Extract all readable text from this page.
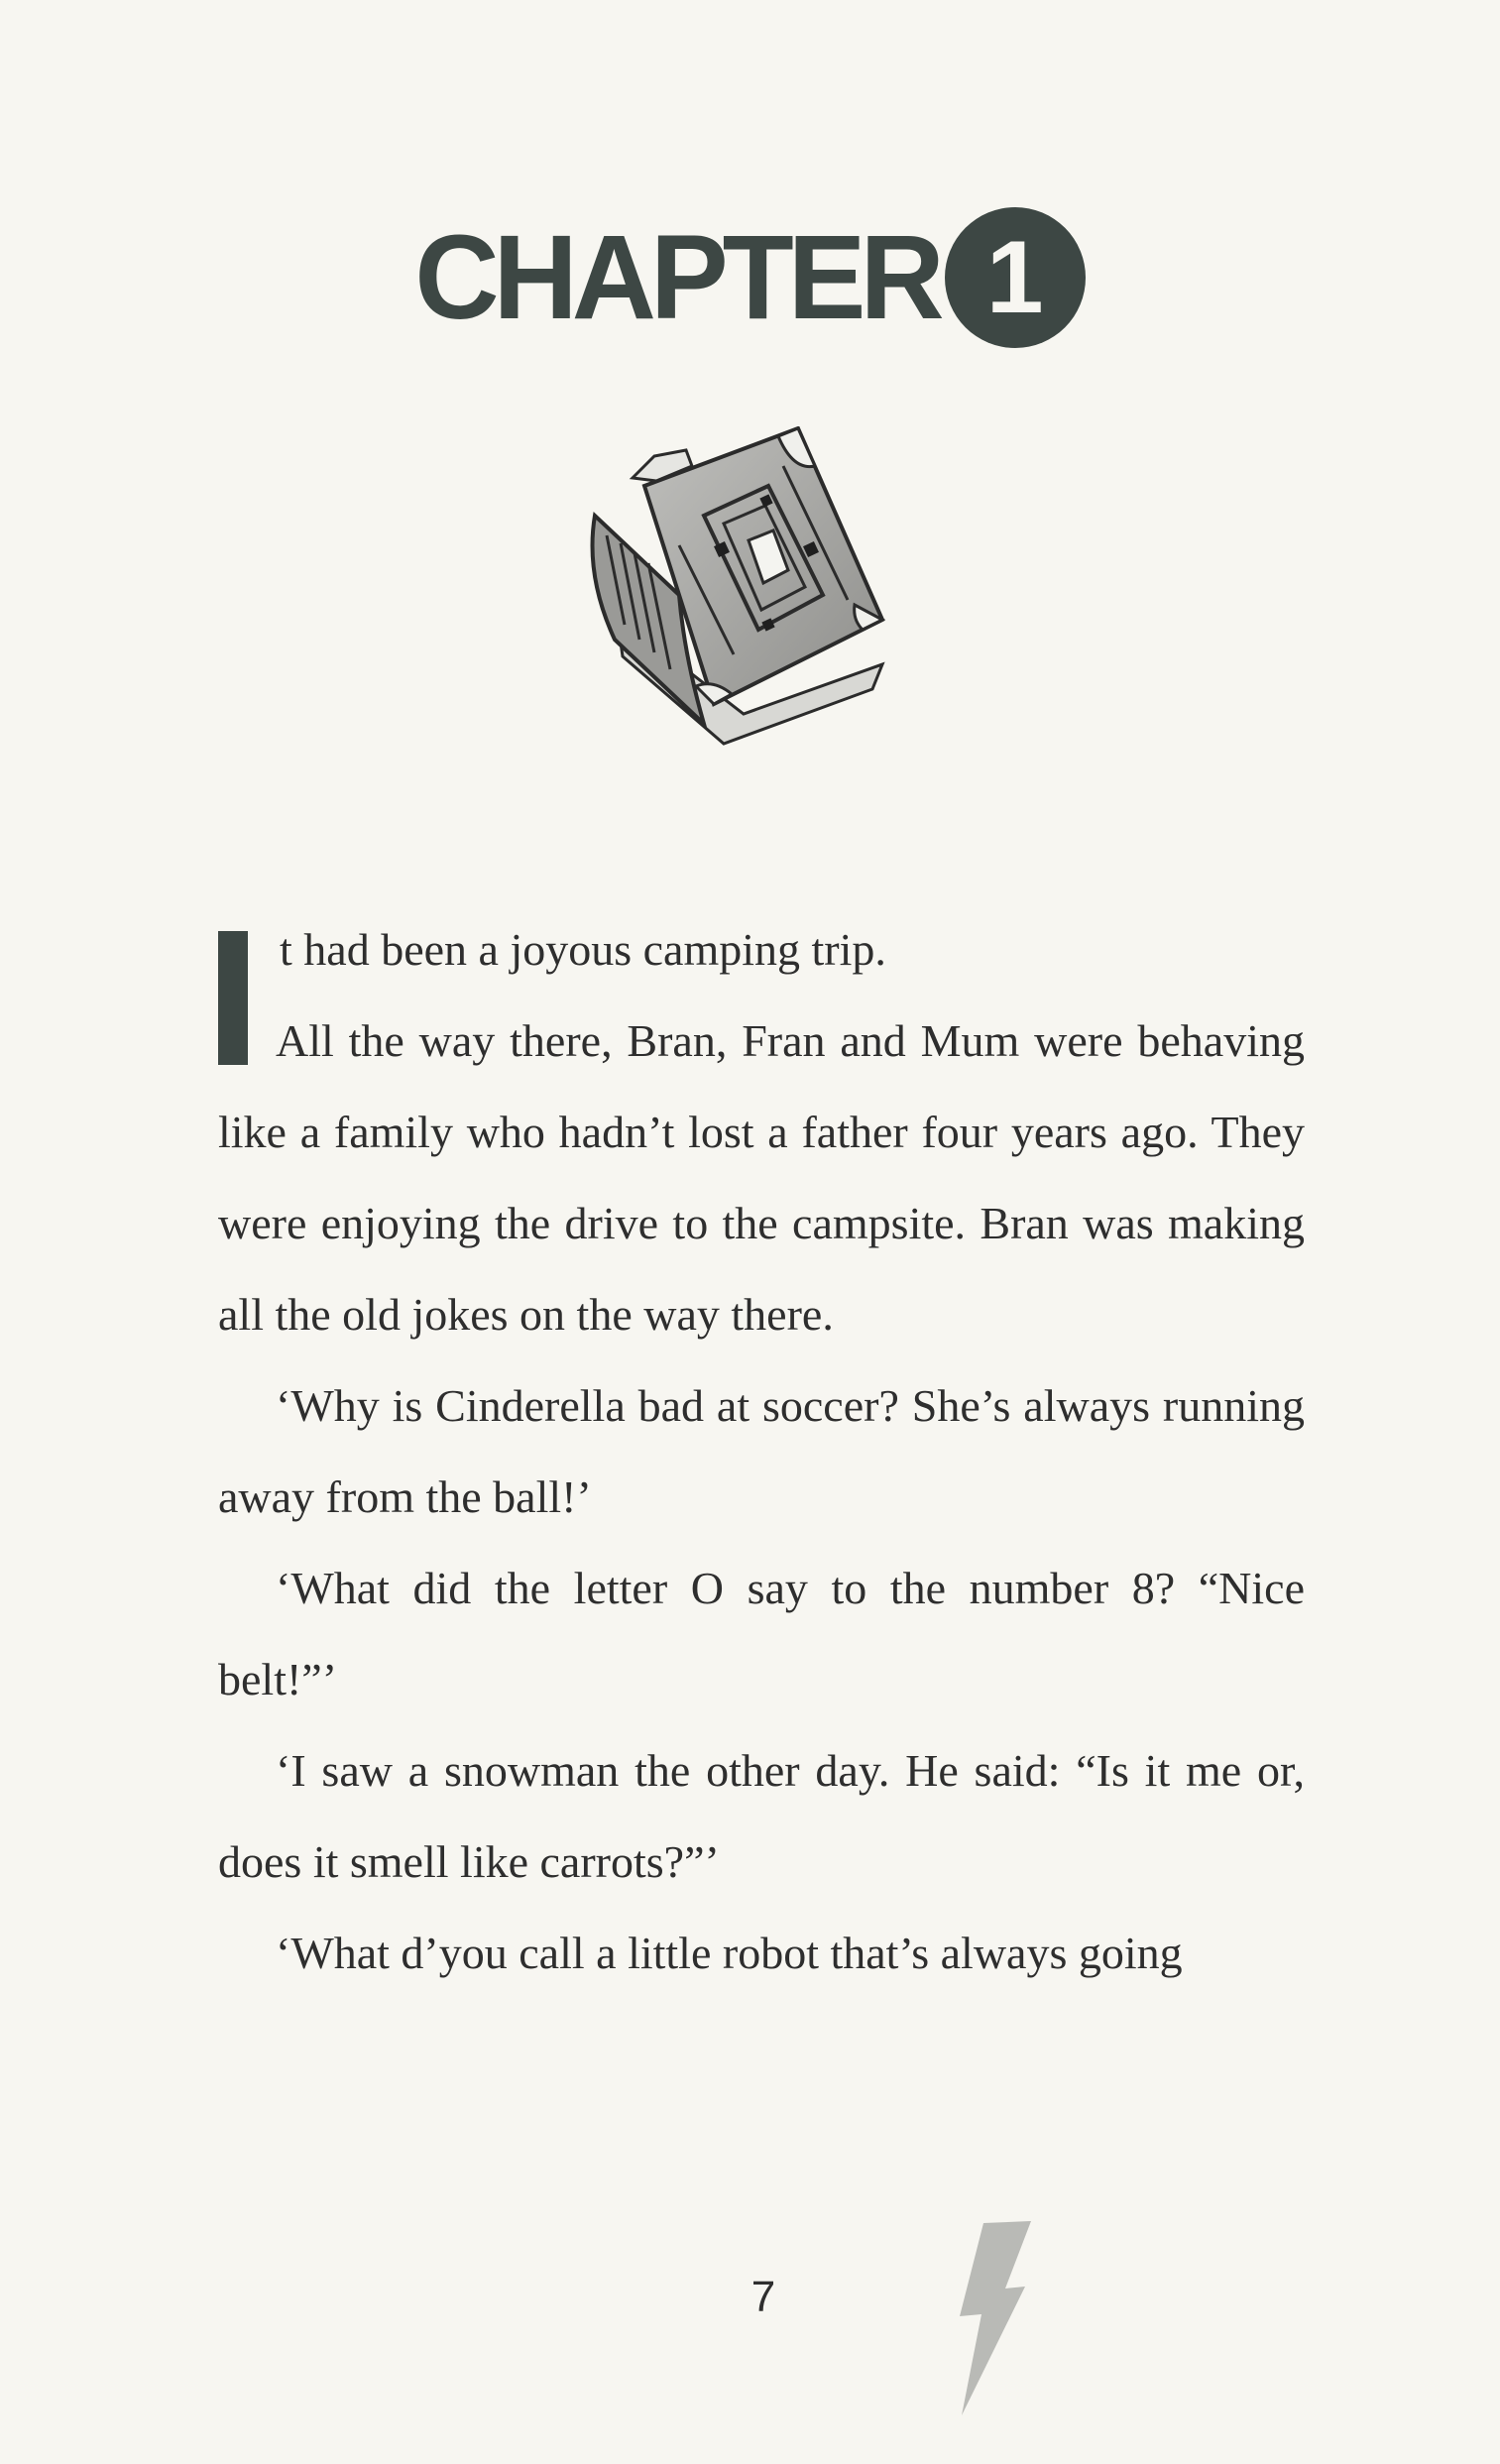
CHAPTER 1

t had been a joyous camping trip.

All the way there, Bran, Fran and Mum were behaving like a family who hadn’t lost a father four years ago. They were enjoying the drive to the campsite. Bran was making all the old jokes on the way there.

‘Why is Cinderella bad at soccer? She’s always running away from the ball!’

‘What did the letter O say to the number 8? “Nice belt!”’

‘I saw a snowman the other day. He said: “Is it me or, does it smell like carrots?”’

‘What d’you call a little robot that’s always going

7
